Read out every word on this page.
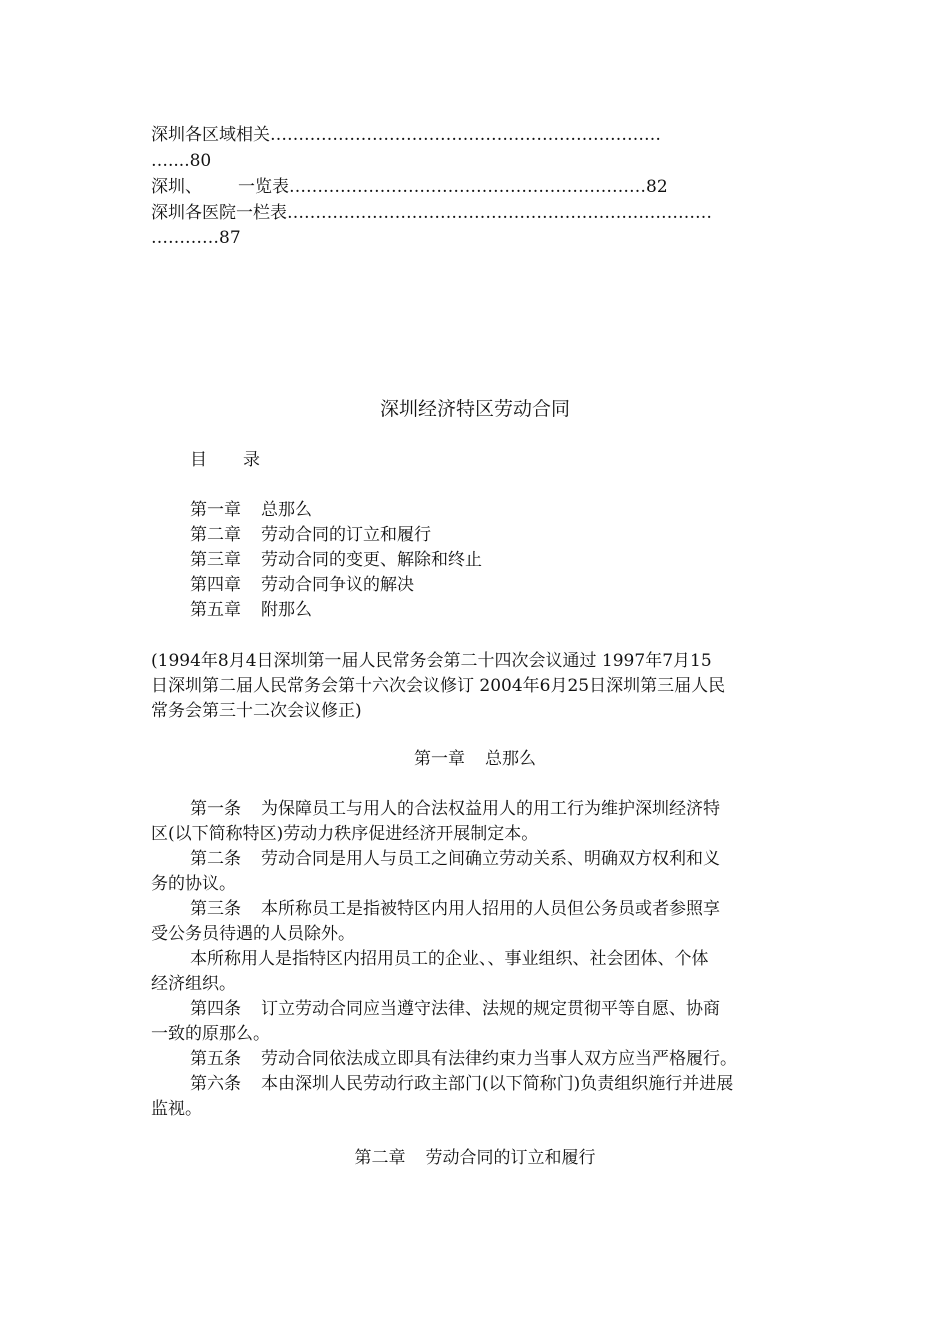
深圳各区域相关……………………………………………………………
…....80
深圳、 一览表………………………………………………………82
深圳各医院一栏表…………………………………………………………………
…………87
深圳经济特区劳动合同
目 录
第一章 总那么
第二章 劳动合同的订立和履行
第三章 劳动合同的变更、解除和终止
第四章 劳动合同争议的解决
第五章 附那么
(1994年8月4日深圳第一届人民常务会第二十四次会议通过 1997年7月15
日深圳第二届人民常务会第十六次会议修订 2004年6月25日深圳第三届人民
常务会第三十二次会议修正)
第一章 总那么
第一条 为保障员工与用人的合法权益用人的用工行为维护深圳经济特
区(以下简称特区)劳动力秩序促进经济开展制定本。
第二条 劳动合同是用人与员工之间确立劳动关系、明确双方权利和义
务的协议。
第三条 本所称员工是指被特区内用人招用的人员但公务员或者参照享
受公务员待遇的人员除外。
本所称用人是指特区内招用员工的企业、、事业组织、社会团体、个体
经济组织。
第四条 订立劳动合同应当遵守法律、法规的规定贯彻平等自愿、协商
一致的原那么。
第五条 劳动合同依法成立即具有法律约束力当事人双方应当严格履行。
第六条 本由深圳人民劳动行政主部门(以下简称门)负责组织施行并进展
监视。
第二章 劳动合同的订立和履行
